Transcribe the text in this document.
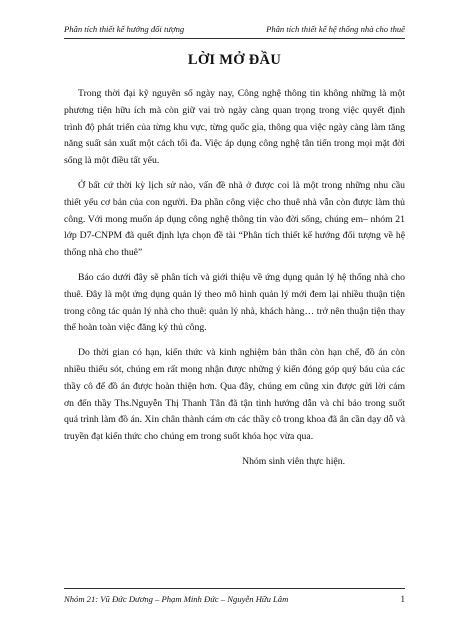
Phân tích thiết kế hướng đối tượng	Phân tích thiết kế hệ thống nhà cho thuê
LỜI MỞ ĐẦU

Trong thời đại kỹ nguyên số ngày nay, Công nghệ thông tin không những là một phương tiện hữu ích mà còn giữ vai trò ngày càng quan trọng trong việc quyết định trình độ phát triển của từng khu vực, từng quốc gia, thông qua việc ngày càng làm tăng năng suất sản xuất một cách tối đa. Việc áp dụng công nghệ tân tiến trong mọi mặt đời sống là một điều tất yếu.

Ở bất cứ thời kỳ lịch sử nào, vấn đề nhà ở được coi là một trong những nhu cầu thiết yếu cơ bản của con người. Đa phần công việc cho thuê nhà vẫn còn được làm thủ công. Với mong muốn áp dụng công nghệ thông tin vào đời sống, chúng em– nhóm 21 lớp D7-CNPM đã quết định lựa chọn đề tài “Phân tích thiết kế hướng đối tượng về hệ thống nhà cho thuê”

Báo cáo dưới đây sẽ phân tích và giới thiệu về ứng dụng quản lý hệ thống nhà cho thuê. Đây là một ứng dụng quản lý theo mô hình quản lý mới đem lại nhiều thuận tiện trong công tác quản lý nhà cho thuê: quản lý nhà, khách hàng… trở nên thuận tiện thay thế hoàn toàn việc đăng ký thủ công.

Do thời gian có hạn, kiến thức và kinh nghiệm bản thân còn hạn chế, đồ án còn nhiều thiếu sót, chúng em rất mong nhận được những ý kiến đóng góp quý báu của các thầy cô để đồ án được hoàn thiện hơn. Qua đây, chúng em cũng xin được gửi lời cám ơn đến thầy Ths.Nguyễn Thị Thanh Tân đã tận tình hướng dẫn và chỉ bảo trong suốt quá trình làm đồ án. Xin chân thành cám ơn các thầy cô trong khoa đã ân cần dạy dỗ và truyền đạt kiến thức cho chúng em trong suốt khóa học vừa qua.

Nhóm sinh viên thực hiện.

Nhóm 21: Vũ Đức Dương – Phạm Minh Đức – Nguyễn Hữu Lâm	1
